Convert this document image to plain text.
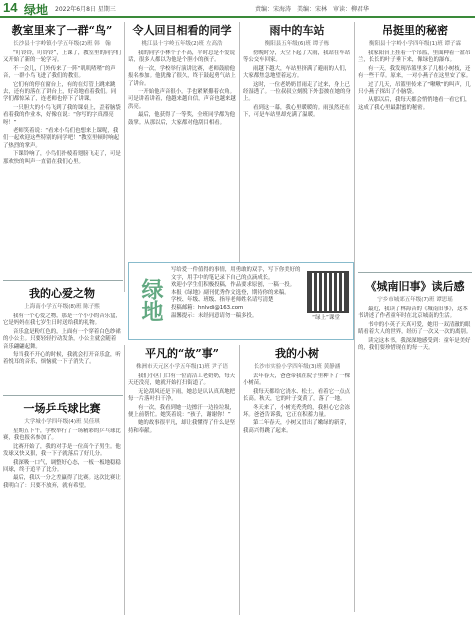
14 绿地 2022年6月8日 星期三	责编：宋海涛　美编：宋林　审读：柳君华
教室里来了一群“鸟”
长沙县十字岭镇小学五年级(2)班 韩　翰

“叮铃铃，叮铃铃”，上课了，教室里的同学们又开始了新的一轮学习。

不一会儿，门外传来了一阵“叽叽喳喳”的声音，一群小鸟飞进了我们的教室。

它们有的停在窗台上，有的在灯管上跳来跳去，还有的落在了讲台上，好奇地看着我们。同学们都惊呆了，连老师也停下了讲课。

一只胆大的小鸟飞到了我的课桌上，歪着脑袋看着我的作业本，好像在说：“你写的字真漂亮呀！”

老师笑着说：“看来小鸟们也想来上课呢，我们一起欢迎这些特别的同学吧！”教室里顿时响起了热烈的掌声。

下课铃响了，小鸟们扑棱着翅膀飞走了，可是那欢快的叫声一直留在我们心里。

令人回目相看的同学
桃江县十字岭五年级(2)班 左高浩

我的同学小林个子不高，平时总是不爱说话，很多人都以为他是个胆小的孩子。

有一次，学校举行演讲比赛，老师鼓励他报名参加。他犹豫了很久，终于鼓起勇气站上了讲台。

一开始他声音很小，手也紧紧攥着衣角。可是讲着讲着，他越来越自信，声音也越来越洪亮。

最后，他获得了一等奖，全班同学都为他鼓掌。从那以后，大家都对他刮目相看。

雨中的车站
衡阳县五年级(6)班 谭子栋

傍晚时分，天空下起了大雨，我站在车站等公交车回家。

雨越下越大，车站里挤满了避雨的人们，大家都焦急地望着远方。

这时，一位老奶奶冒雨走了过来，身上已经湿透了。一位叔叔立刻脱下外套披在她的身上。

看到这一幕，我心里暖暖的。雨虽然还在下，可是车站里却充满了温暖。

吊挺里的秘密
衡阳县十字岭小学四年级(1)班 谭子霖

我家阳台上挂着一个吊篮，里面种着一盆吊兰，长长的叶子垂下来，像绿色的瀑布。

有一天，我发现吊篮里多了几根小树枝，还有一些干草。原来，一对小燕子在这里安了家。

过了几天，吊篮里传来了“啾啾”的叫声，几只小燕子探出了小脑袋。

从那以后，我每天都会悄悄地看一看它们，这成了我心里最甜蜜的秘密。

绿地

写给爱一件值得的事情，用勇敢的双手，写下你美好的文字，用手中的笔记录下自己的点滴成长。

欢迎小学生们积极投稿，作品要求原创，一稿一投。

本报《绿地》副刊优秀作文选登，期待你的来稿。

学校、年级、班级、指导老师姓名请写清楚

投稿邮箱：hnlvdi@163.com

温馨提示：未经同意请勿一稿多投。	“绿上”课堂
我的心爱之物
上海南小学五年级(8)班 陈子熙

我有一个心爱之物，那是一个小小的音乐盒，它是妈妈在我七岁生日时送给我的礼物。

音乐盒是粉红色的，上面有一个穿着白色纱裙的小公主。只要轻轻拧动发条，小公主就会随着音乐翩翩起舞。

每当我不开心的时候，我就会打开音乐盒，听着悦耳的音乐，烦恼就一下子消失了。

一场乒乓球比赛
大学城小学四年级(4)班 吴佳琪

星期五下午，学校举行了一场精彩的乒乓球比赛，我也报名参加了。

比赛开始了，我的对手是一位高个子男生。他发球又快又狠，我一下子就落后了好几分。

我深吸一口气，调整好心态，一板一板地稳稳回球，终于追平了比分。

最后，我以一分之差赢得了比赛。这次比赛让我明白了：只要不放弃，就有希望。

平凡的“故”事”
株洲市天元区小学五年级(1)班 尹子语

我们小区门口有一位清洁工老奶奶，每天天还没亮，她就开始打扫街道了。

无论刮风还是下雨，她总是认认真真地把每一片落叶扫干净。

有一次，我看到她一边擦汗一边捡垃圾，便上前帮忙。她笑着说：“孩子，谢谢你！”

她的故事很平凡，却让我懂得了什么是坚持和奉献。

我的小树
长沙市实验小学四年级(3)班 黄静涵

去年春天，爸爸带我在院子里种下了一棵小树苗。

我每天都给它浇水、松土，看着它一点点长高。秋天，它的叶子变黄了，落了一地。

冬天来了，小树光秃秃的，我担心它会冻坏。爸爸告诉我，它正在积蓄力量。

第二年春天，小树又冒出了嫩绿的新芽，我高兴得跳了起来。

《城南旧事》读后感
宁乡市城郊五年级(7)班 谭思瑶

最近，我读了林海音的《城南旧事》，这本书讲述了作者童年时在北京城南的生活。

书中的小英子天真可爱，她用一双清澈的眼睛看着大人的世界，经历了一次又一次的离别。

读完这本书，我深深地感受到：童年是美好的，我们要珍惜现在的每一天。
